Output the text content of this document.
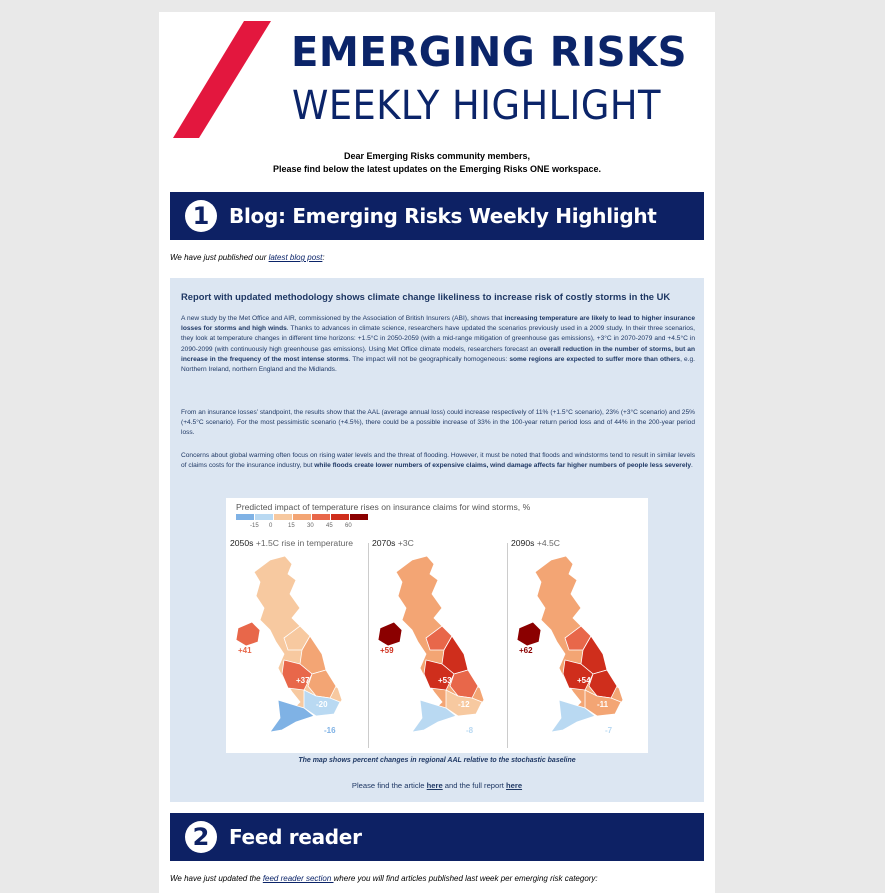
EMERGING RISKS
WEEKLY HIGHLIGHT
Dear Emerging Risks community members,
Please find below the latest updates on the Emerging Risks ONE workspace.
1 Blog: Emerging Risks Weekly Highlight
We have just published our latest blog post:
Report with updated methodology shows climate change likeliness to increase risk of costly storms in the UK
A new study by the Met Office and AIR, commissioned by the Association of British Insurers (ABI), shows that increasing temperature are likely to lead to higher insurance losses for storms and high winds. Thanks to advances in climate science, researchers have updated the scenarios previously used in a 2009 study. In their three scenarios, they look at temperature changes in different time horizons: +1.5°C in 2050-2059 (with a mid-range mitigation of greenhouse gas emissions), +3°C in 2070-2079 and +4.5°C in 2090-2099 (with continuously high greenhouse gas emissions). Using Met Office climate models, researchers forecast an overall reduction in the number of storms, but an increase in the frequency of the most intense storms. The impact will not be geographically homogeneous: some regions are expected to suffer more than others, e.g. Northern Ireland, northern England and the Midlands.
From an insurance losses’ standpoint, the results show that the AAL (average annual loss) could increase respectively of 11% (+1.5°C scenario), 23% (+3°C scenario) and 25% (+4.5°C scenario). For the most pessimistic scenario (+4.5%), there could be a possible increase of 33% in the 100-year return period loss and of 44% in the 200-year period loss.
Concerns about global warming often focus on rising water levels and the threat of flooding. However, it must be noted that floods and windstorms tend to result in similar levels of claims costs for the insurance industry, but while floods create lower numbers of expensive claims, wind damage affects far higher numbers of people less severely.
Predicted impact of temperature rises on insurance claims for wind storms, %
-15 0	15 30 45 60
2050s +1.5C rise in temperature
+41
+37
-20
-16
2070s +3C
+59
+53
-12
-8
2090s +4.5C
+62
+54
-11
-7
The map shows percent changes in regional AAL relative to the stochastic baseline
Please find the article here and the full report here
2 Feed reader
We have just updated the feed reader section where you will find articles published last week per emerging risk category:
